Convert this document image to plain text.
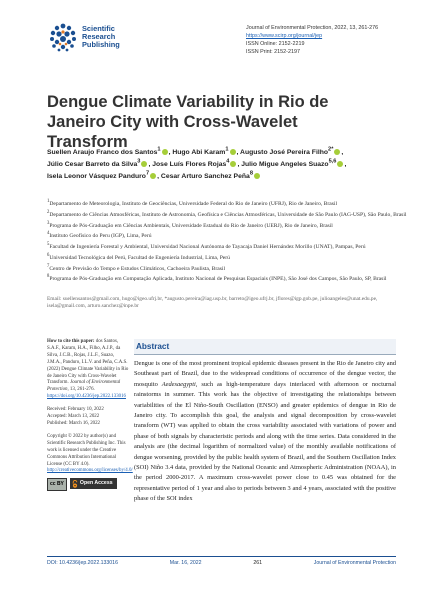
Scientific
Research
Publishing
Journal of Environmental Protection, 2022, 13, 261-276
https://www.scirp.org/journal/jep
ISSN Online: 2152-2219
ISSN Print: 2152-2197
Dengue Climate Variability in Rio de Janeiro City with Cross-Wavelet Transform
Suellen Araujo Franco dos Santos$^1$ , Hugo Abi Karam$^1$ , Augusto José Pereira Filho$^{2*}$ ,
Júlio Cesar Barreto da Silva$^3$ , Jose Luís Flores Rojas$^4$ , Julio Migue Angeles Suazo$^{5,6}$ ,
Isela Leonor Vásquez Panduro$^7$ , Cesar Arturo Sanchez Peña$^8$
$^1$Departamento de Meteorologia, Instituto de Geociências, Universidade Federal do Rio de Janeiro (UFRJ), Rio de Janeiro, Brasil
$^2$Departamento de Ciências Atmosféricas, Instituto de Astronomia, Geofísica e Ciências Atmosféricas, Universidade de São Paulo (IAG-USP), São Paulo, Brasil
$^3$Programa de Pós-Graduação em Ciências Ambientais, Universidade Estadual do Rio de Janeiro (UERJ), Rio de Janeiro, Brasil
$^4$Instituto Geofísico do Peru (IGP), Lima, Perú
$^5$Facultad de Ingeniería Forestal y Ambiental, Universidad Nacional Autónoma de Tayacaja Daniel Hernández Morillo (UNAT), Pampas, Perú
$^6$Universidad Tecnológica del Perú, Facultad de Engeniería Industrial, Lima, Perú
$^7$Centro de Previsão do Tempo e Estudos Climáticos, Cachoeira Paulista, Brasil
$^8$Programa de Pós-Graduação em Computação Aplicada, Instituto Nacional de Pesquisas Espaciais (INPE), São José dos Campos, São Paulo, SP, Brasil
Email: suellensantos@gmail.com, hugo@igeo.ufrj.br, *augusto.pereira@iag.usp.br, barreto@igeo.ufrj.br, jflores@igp.gob.pe, julioangeles@unat.edu.pe, isela@gmail.com, arturo.sanchez@inpe.br
How to cite this paper: dos Santos, S.A.F., Karam, H.A., Filho, A.J.P., da Silva, J.C.B., Rojas, J.L.F., Suazo, J.M.A., Panduro, I.L.V. and Peña, C.A.S. (2022) Dengue Climate Variability in Rio de Janeiro City with Cross-Wavelet Transform. Journal of Environmental Protection, 13, 261-276. https://doi.org/10.4236/jep.2022.133016
Received: February 10, 2022
Accepted: March 13, 2022
Published: March 16, 2022
Copyright © 2022 by author(s) and Scientific Research Publishing Inc. This work is licensed under the Creative Commons Attribution International License (CC BY 4.0). http://creativecommons.org/licenses/by/4.0/
cc BY	Open Access
Abstract
Dengue is one of the most prominent tropical epidemic diseases present in the Rio de Janeiro city and Southeast part of Brazil, due to the widespread conditions of occurrence of the dengue vector, the mosquito Aedesaegypti, such as high-temperature days interlaced with afternoon or nocturnal rainstorms in summer. This work has the objective of investigating the relationships between variabilities of the El Niño-South Oscillation (ENSO) and greater epidemics of dengue in Rio de Janeiro city. To accomplish this goal, the analysis and signal decomposition by cross-wavelet transform (WT) was applied to obtain the cross variability associated with variations of power and phase of both signals by characteristic periods and along with the time series. Data considered in the analysis are (the decimal logarithm of normalized value) of the monthly available notifications of dengue worsening, provided by the public health system of Brazil, and the Southern Oscillation Index (SOI) Niño 3.4 data, provided by the National Oceanic and Atmospheric Administration (NOAA), in the period 2000-2017. A maximum cross-wavelet power close to 0.45 was obtained for the representative period of 1 year and also to periods between 3 and 4 years, associated with the positive phase of the SOI index
DOI: 10.4236/jep.2022.133016	Mar. 16, 2022	261	Journal of Environmental Protection
